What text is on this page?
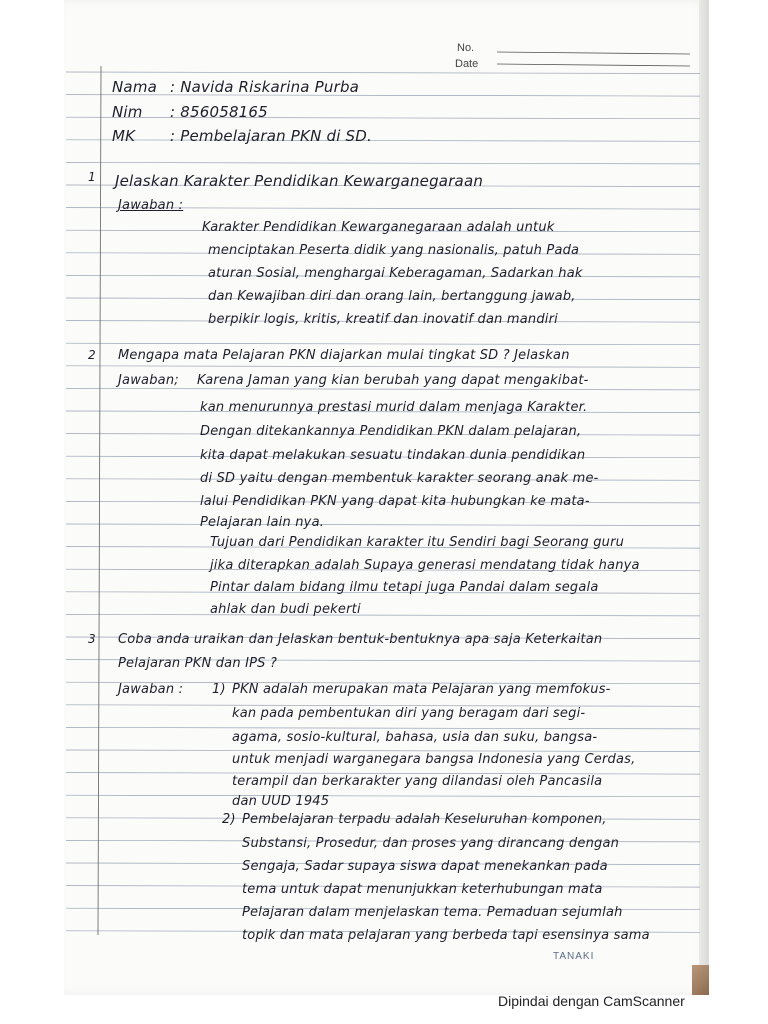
No.
Date
Nama : Navida Riskarina Purba
Nim : 856058165
MK : Pembelajaran PKN di SD.
1 Jelaskan Karakter Pendidikan Kewarganegaraan
Jawaban :
Karakter Pendidikan Kewarganegaraan adalah untuk
menciptakan Peserta didik yang nasionalis, patuh Pada
aturan Sosial, menghargai Keberagaman, Sadarkan hak
dan Kewajiban diri dan orang lain, bertanggung jawab,
berpikir logis, kritis, kreatif dan inovatif dan mandiri
2 Mengapa mata Pelajaran PKN diajarkan mulai tingkat SD ? Jelaskan
Jawaban; Karena Jaman yang kian berubah yang dapat mengakibat-
kan menurunnya prestasi murid dalam menjaga Karakter.
Dengan ditekankannya Pendidikan PKN dalam pelajaran,
kita dapat melakukan sesuatu tindakan dunia pendidikan
di SD yaitu dengan membentuk karakter seorang anak me-
lalui Pendidikan PKN yang dapat kita hubungkan ke mata-
Pelajaran lain nya.
Tujuan dari Pendidikan karakter itu Sendiri bagi Seorang guru
jika diterapkan adalah Supaya generasi mendatang tidak hanya
Pintar dalam bidang ilmu tetapi juga Pandai dalam segala
ahlak dan budi pekerti
3 Coba anda uraikan dan Jelaskan bentuk-bentuknya apa saja Keterkaitan
Pelajaran PKN dan IPS ?
Jawaban : 1) PKN adalah merupakan mata Pelajaran yang memfokus-
kan pada pembentukan diri yang beragam dari segi-
agama, sosio-kultural, bahasa, usia dan suku, bangsa-
untuk menjadi warganegara bangsa Indonesia yang Cerdas,
terampil dan berkarakter yang dilandasi oleh Pancasila
dan UUD 1945
2) Pembelajaran terpadu adalah Keseluruhan komponen,
Substansi, Prosedur, dan proses yang dirancang dengan
Sengaja, Sadar supaya siswa dapat menekankan pada
tema untuk dapat menunjukkan keterhubungan mata
Pelajaran dalam menjelaskan tema. Pemaduan sejumlah
topik dan mata pelajaran yang berbeda tapi esensinya sama
TANAKI
Dipindai dengan CamScanner
